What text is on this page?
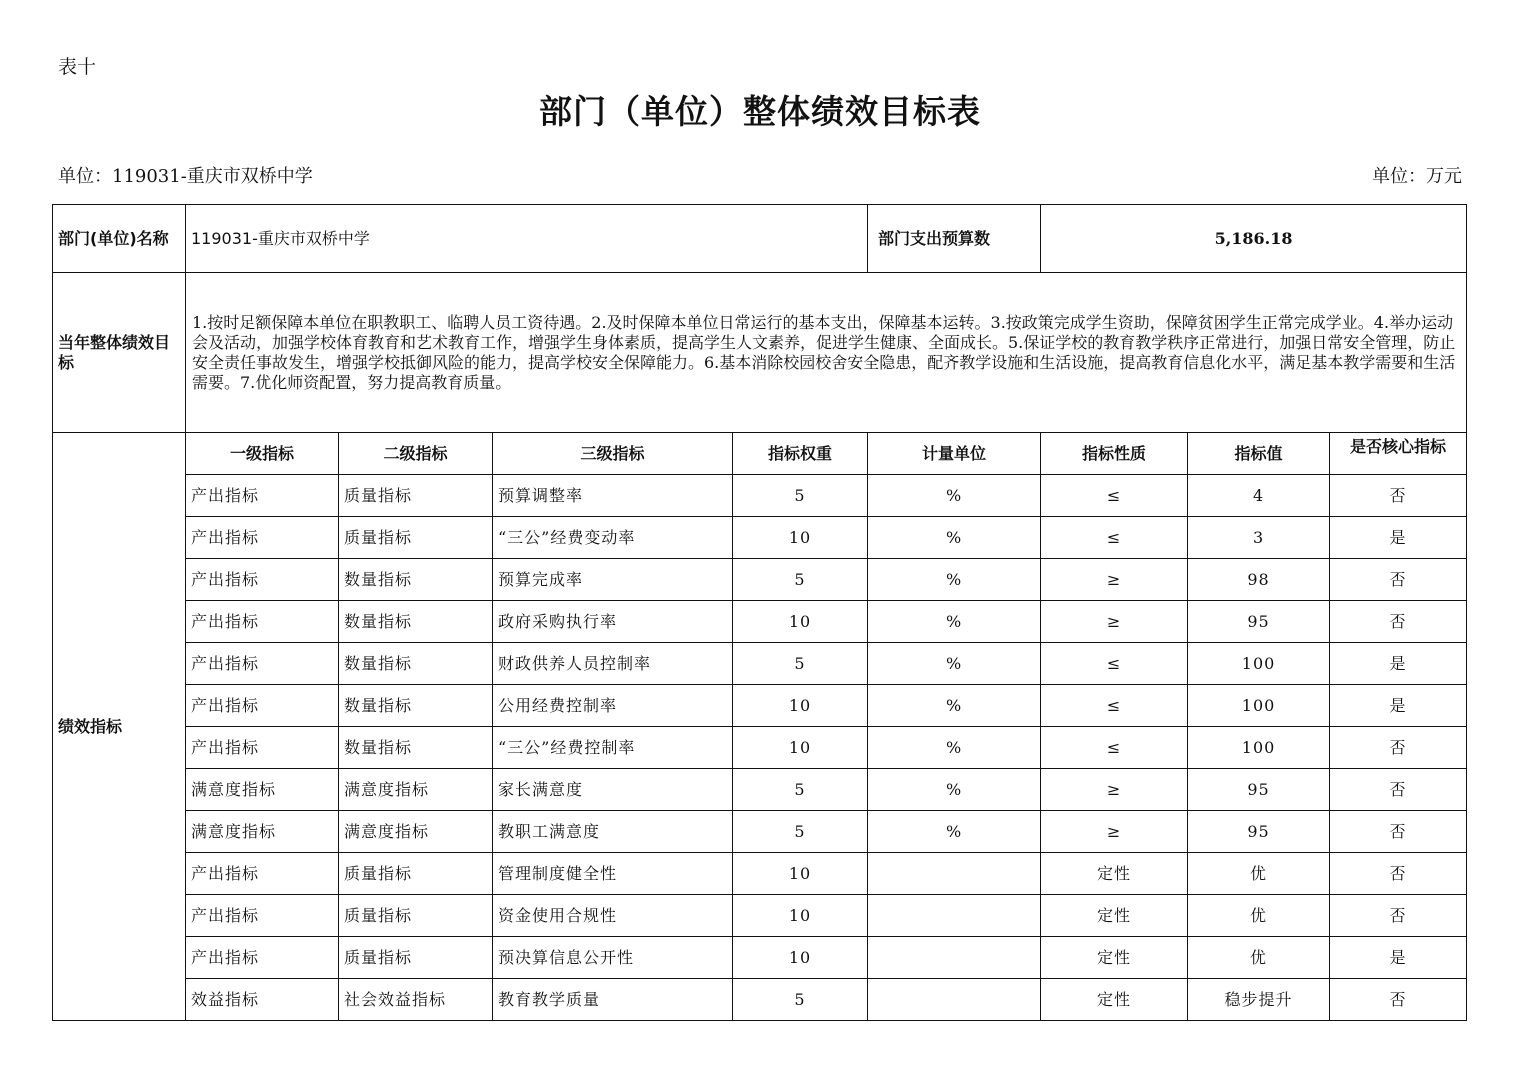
表十
部门（单位）整体绩效目标表
单位：119031-重庆市双桥中学	单位：万元
部门(单位)名称	119031-重庆市双桥中学				部门支出预算数	5,186.18		
当年整体绩效目标	1.按时足额保障本单位在职教职工、临聘人员工资待遇。2.及时保障本单位日常运行的基本支出，保障基本运转。3.按政策完成学生资助，保障贫困学生正常完成学业。4.举办运动会及活动，加强学校体育教育和艺术教育工作，增强学生身体素质，提高学生人文素养，促进学生健康、全面成长。5.保证学校的教育教学秩序正常进行，加强日常安全管理，防止安全责任事故发生，增强学校抵御风险的能力，提高学校安全保障能力。6.基本消除校园校舍安全隐患，配齐教学设施和生活设施，提高教育信息化水平，满足基本教学需要和生活需要。7.优化师资配置，努力提高教育质量。							
绩效指标	一级指标	二级指标	三级指标	指标权重	计量单位	指标性质	指标值	是否核心指标
	产出指标	质量指标	预算调整率	5	%	≤	4	否
	产出指标	质量指标	“三公”经费变动率	10	%	≤	3	是
	产出指标	数量指标	预算完成率	5	%	≥	98	否
	产出指标	数量指标	政府采购执行率	10	%	≥	95	否
	产出指标	数量指标	财政供养人员控制率	5	%	≤	100	是
	产出指标	数量指标	公用经费控制率	10	%	≤	100	是
	产出指标	数量指标	“三公”经费控制率	10	%	≤	100	否
	满意度指标	满意度指标	家长满意度	5	%	≥	95	否
	满意度指标	满意度指标	教职工满意度	5	%	≥	95	否
	产出指标	质量指标	管理制度健全性	10		定性	优	否
	产出指标	质量指标	资金使用合规性	10		定性	优	否
	产出指标	质量指标	预决算信息公开性	10		定性	优	是
	效益指标	社会效益指标	教育教学质量	5		定性	稳步提升	否
